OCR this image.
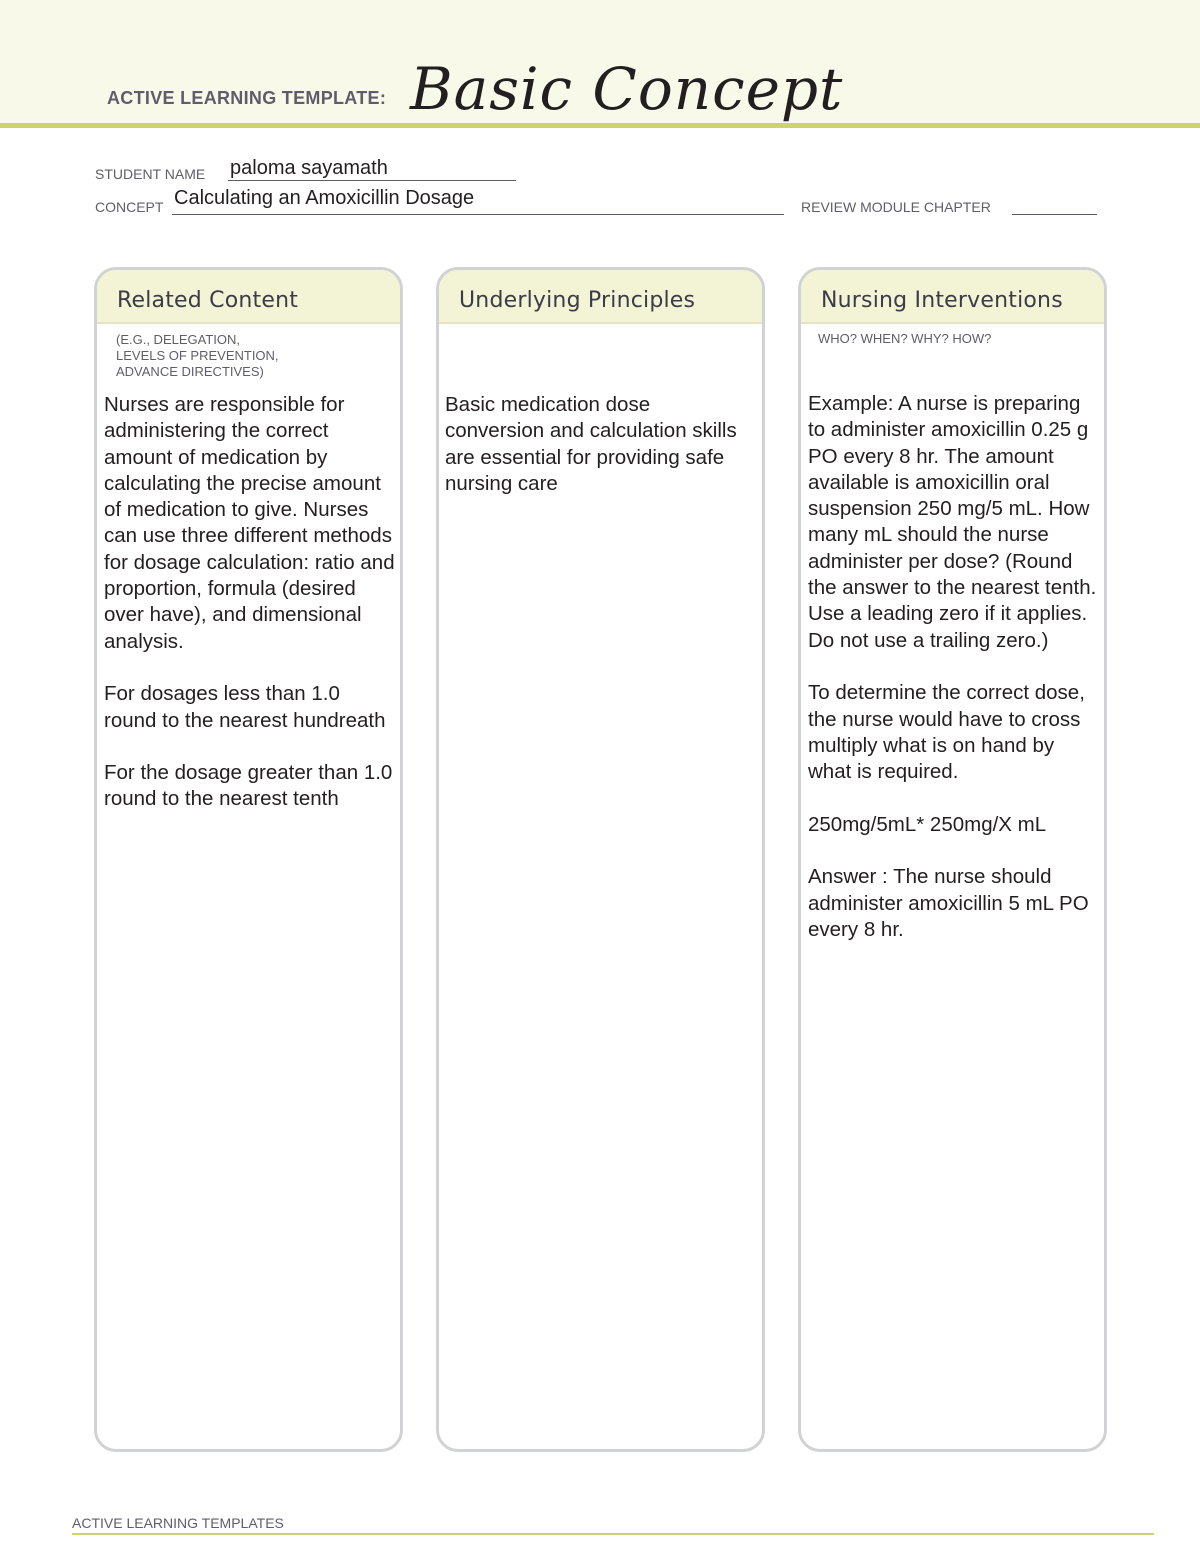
ACTIVE LEARNING TEMPLATE: Basic Concept
STUDENT NAME paloma sayamath
CONCEPT Calculating an Amoxicillin Dosage	REVIEW MODULE CHAPTER
Related Content
(E.G., DELEGATION,
LEVELS OF PREVENTION,
ADVANCE DIRECTIVES)

Nurses are responsible for administering the correct amount of medication by calculating the precise amount of medication to give. Nurses can use three different methods for dosage calculation: ratio and proportion, formula (desired over have), and dimensional analysis.

For dosages less than 1.0 round to the nearest hundreath

For the dosage greater than 1.0 round to the nearest tenth

Underlying Principles

Basic medication dose conversion and calculation skills are essential for providing safe nursing care

Nursing Interventions
WHO? WHEN? WHY? HOW?

Example: A nurse is preparing to administer amoxicillin 0.25 g PO every 8 hr. The amount available is amoxicillin oral suspension 250 mg/5 mL. How many mL should the nurse administer per dose? (Round the answer to the nearest tenth. Use a leading zero if it applies. Do not use a trailing zero.)

To determine the correct dose, the nurse would have to cross multiply what is on hand by what is required.

250mg/5mL* 250mg/X mL

Answer : The nurse should administer amoxicillin 5 mL PO every 8 hr.

ACTIVE LEARNING TEMPLATES
